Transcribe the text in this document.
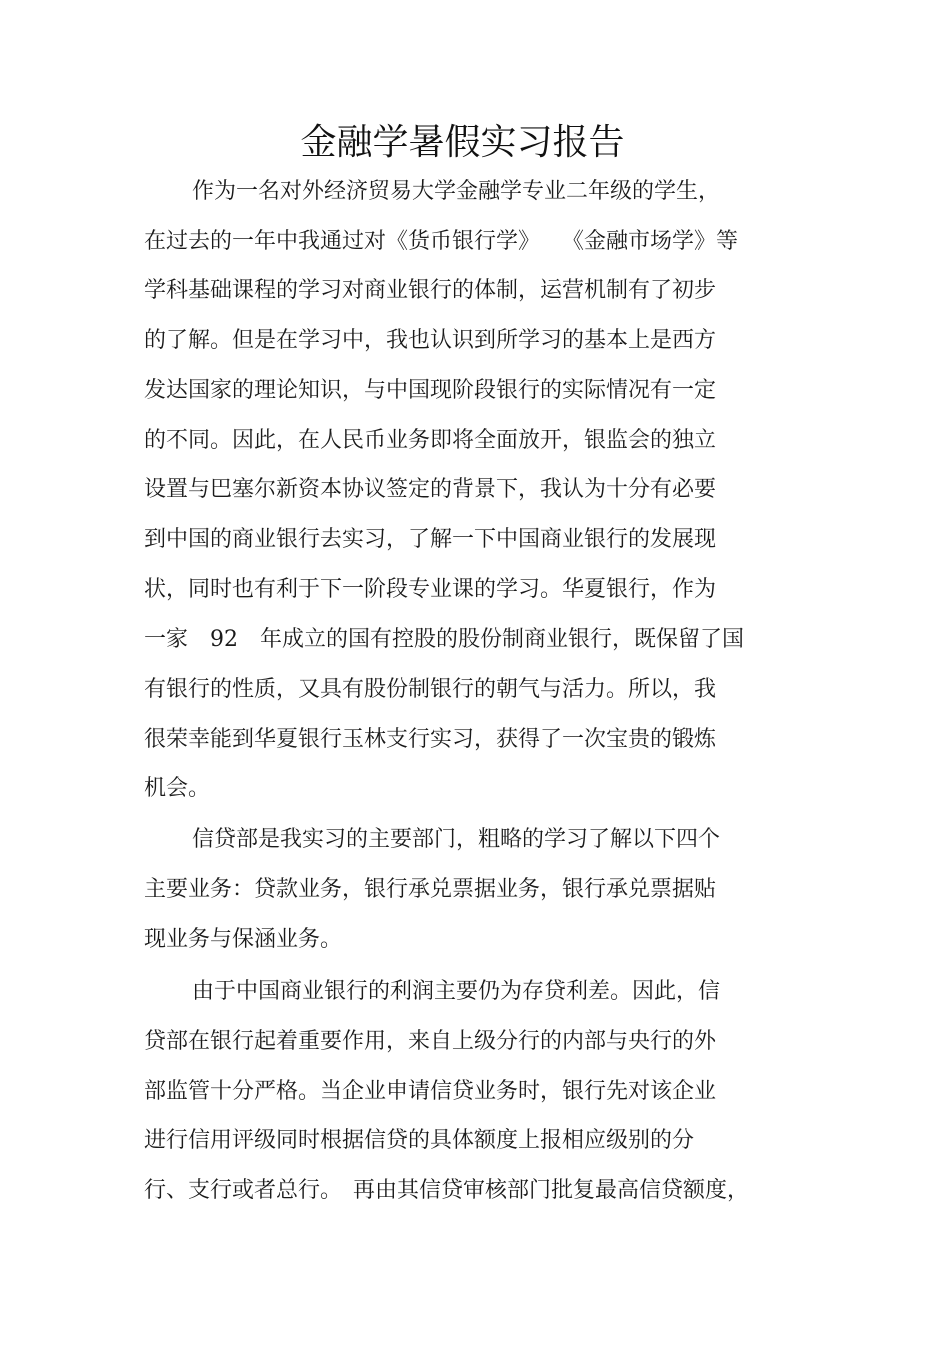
金融学暑假实习报告
作为一名对外经济贸易大学金融学专业二年级的学生，
在过去的一年中我通过对《货币银行学》　　《金融市场学》等
学科基础课程的学习对商业银行的体制，运营机制有了初步
的了解。但是在学习中，我也认识到所学习的基本上是西方
发达国家的理论知识，与中国现阶段银行的实际情况有一定
的不同。因此，在人民币业务即将全面放开，银监会的独立
设置与巴塞尔新资本协议签定的背景下，我认为十分有必要
到中国的商业银行去实习，了解一下中国商业银行的发展现
状，同时也有利于下一阶段专业课的学习。华夏银行，作为
一家　92　年成立的国有控股的股份制商业银行，既保留了国
有银行的性质，又具有股份制银行的朝气与活力。所以，我
很荣幸能到华夏银行玉林支行实习，获得了一次宝贵的锻炼
机会。
信贷部是我实习的主要部门，粗略的学习了解以下四个
主要业务：贷款业务，银行承兑票据业务，银行承兑票据贴
现业务与保涵业务。
由于中国商业银行的利润主要仍为存贷利差。因此，信
贷部在银行起着重要作用，来自上级分行的内部与央行的外
部监管十分严格。当企业申请信贷业务时，银行先对该企业
进行信用评级同时根据信贷的具体额度上报相应级别的分
行、支行或者总行。　再由其信贷审核部门批复最高信贷额度，
